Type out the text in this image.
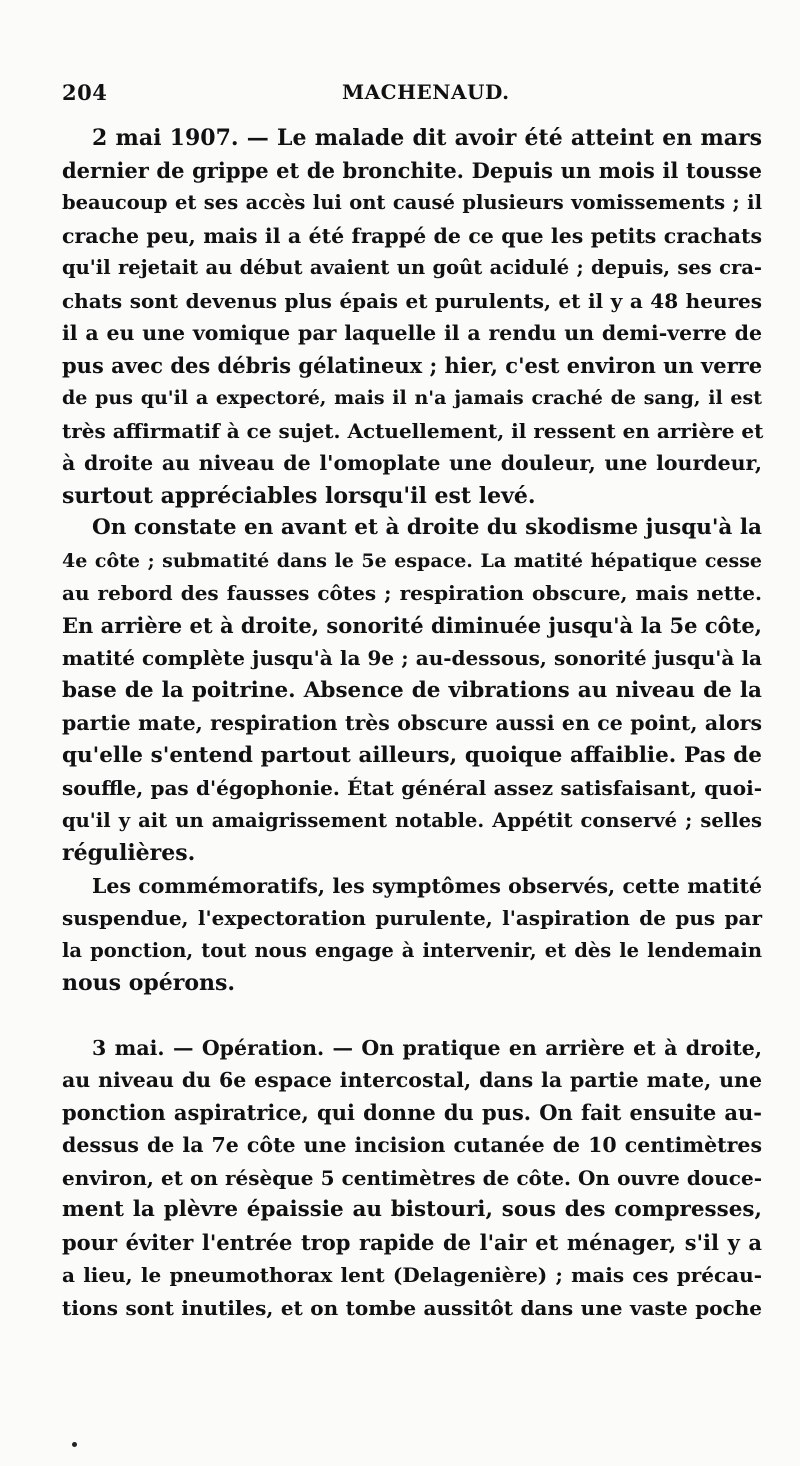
204	MACHENAUD.
2 mai 1907. — Le malade dit avoir été atteint en mars
dernier de grippe et de bronchite. Depuis un mois il tousse
beaucoup et ses accès lui ont causé plusieurs vomissements ; il
crache peu, mais il a été frappé de ce que les petits crachats
qu'il rejetait au début avaient un goût acidulé ; depuis, ses cra-
chats sont devenus plus épais et purulents, et il y a 48 heures
il a eu une vomique par laquelle il a rendu un demi-verre de
pus avec des débris gélatineux ; hier, c'est environ un verre
de pus qu'il a expectoré, mais il n'a jamais craché de sang, il est
très affirmatif à ce sujet. Actuellement, il ressent en arrière et
à droite au niveau de l'omoplate une douleur, une lourdeur,
surtout appréciables lorsqu'il est levé.
On constate en avant et à droite du skodisme jusqu'à la
4e côte ; submatité dans le 5e espace. La matité hépatique cesse
au rebord des fausses côtes ; respiration obscure, mais nette.
En arrière et à droite, sonorité diminuée jusqu'à la 5e côte,
matité complète jusqu'à la 9e ; au-dessous, sonorité jusqu'à la
base de la poitrine. Absence de vibrations au niveau de la
partie mate, respiration très obscure aussi en ce point, alors
qu'elle s'entend partout ailleurs, quoique affaiblie. Pas de
souffle, pas d'égophonie. État général assez satisfaisant, quoi-
qu'il y ait un amaigrissement notable. Appétit conservé ; selles
régulières.
Les commémoratifs, les symptômes observés, cette matité
suspendue, l'expectoration purulente, l'aspiration de pus par
la ponction, tout nous engage à intervenir, et dès le lendemain
nous opérons.
3 mai. — Opération. — On pratique en arrière et à droite,
au niveau du 6e espace intercostal, dans la partie mate, une
ponction aspiratrice, qui donne du pus. On fait ensuite au-
dessus de la 7e côte une incision cutanée de 10 centimètres
environ, et on résèque 5 centimètres de côte. On ouvre douce-
ment la plèvre épaissie au bistouri, sous des compresses,
pour éviter l'entrée trop rapide de l'air et ménager, s'il y a
a lieu, le pneumothorax lent (Delagenière) ; mais ces précau-
tions sont inutiles, et on tombe aussitôt dans une vaste poche
